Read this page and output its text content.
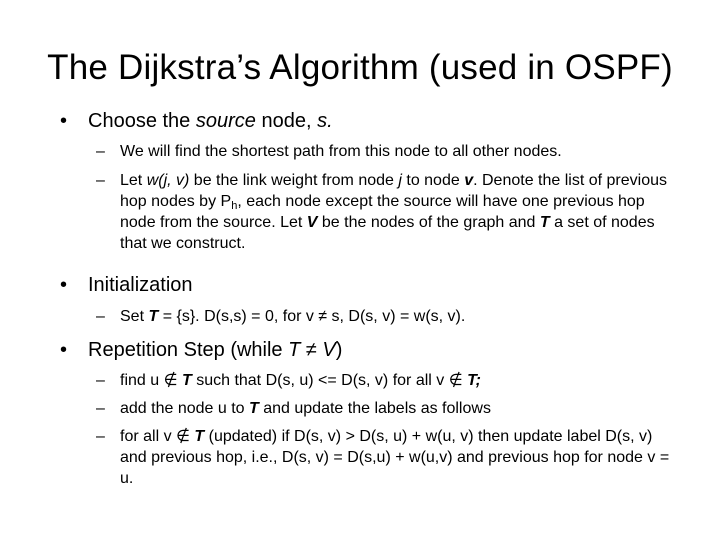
The Dijkstra’s Algorithm (used in OSPF)
• Choose the source node, s.
– We will find the shortest path from this node to all other nodes.
– Let w(j, v) be the link weight from node j to node v. Denote the list of previous hop nodes by $P_h$, each node except the source will have one previous hop node from the source. Let V be the nodes of the graph and T a set of nodes that we construct.
• Initialization
– Set T = {s}. D(s,s) = 0, for v ≠ s, D(s, v) = w(s, v).
• Repetition Step (while T ≠ V)
– find u ∉ T such that D(s, u) <= D(s, v) for all v ∉ T;
– add the node u to T and update the labels as follows
– for all v ∉ T (updated) if D(s, v) > D(s, u) + w(u, v) then update label D(s, v) and previous hop, i.e., D(s, v) = D(s,u) + w(u,v) and previous hop for node v = u.
